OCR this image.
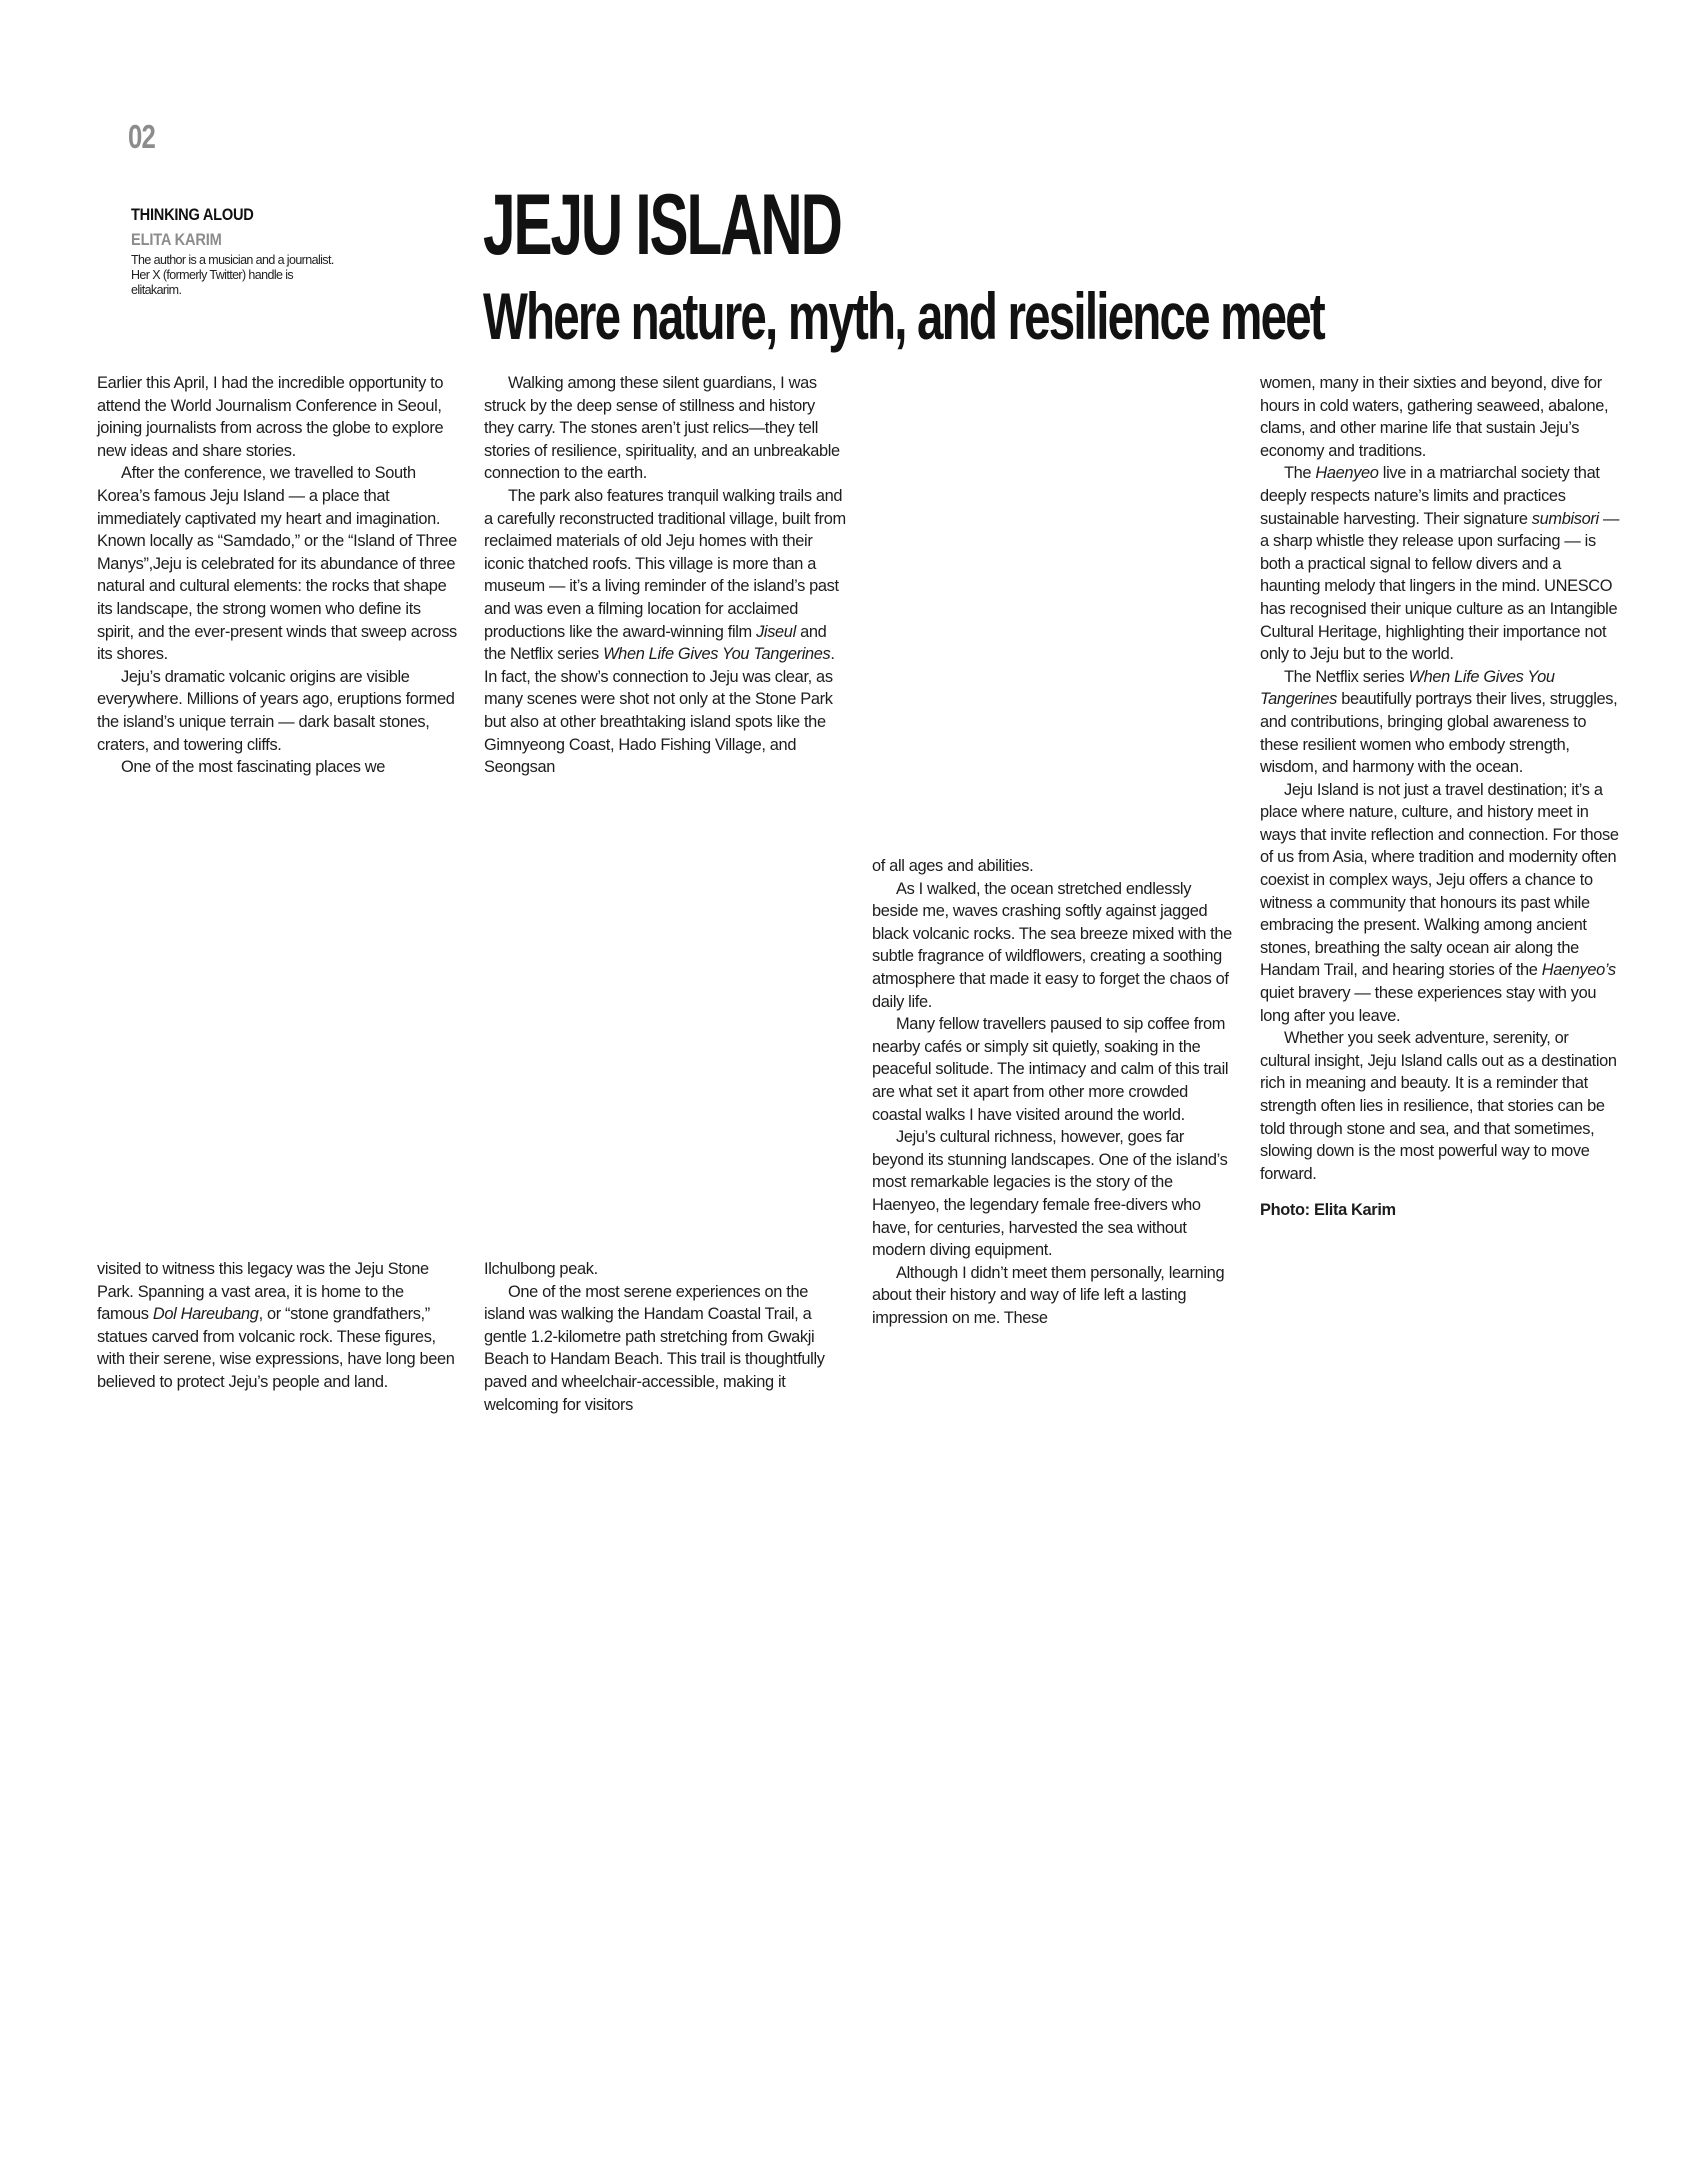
02
THINKING ALOUD
ELITA KARIM
The author is a musician and a journalist. Her X (formerly Twitter) handle is elitakarim.
JEJU ISLAND
Where nature, myth, and resilience meet

Earlier this April, I had the incredible opportunity to attend the World Journalism Conference in Seoul, joining journalists from across the globe to explore new ideas and share stories.

After the conference, we travelled to South Korea’s famous Jeju Island — a place that immediately captivated my heart and imagination. Known locally as “Samdado,” or the “Island of Three Manys”,Jeju is celebrated for its abundance of three natural and cultural elements: the rocks that shape its landscape, the strong women who define its spirit, and the ever-present winds that sweep across its shores.

Jeju’s dramatic volcanic origins are visible everywhere. Millions of years ago, eruptions formed the island’s unique terrain — dark basalt stones, craters, and towering cliffs.

One of the most fascinating places we

visited to witness this legacy was the Jeju Stone Park. Spanning a vast area, it is home to the famous Dol Hareubang, or “stone grandfathers,” statues carved from volcanic rock. These figures, with their serene, wise expressions, have long been believed to protect Jeju’s people and land.

Walking among these silent guardians, I was struck by the deep sense of stillness and history they carry. The stones aren’t just relics—they tell stories of resilience, spirituality, and an unbreakable connection to the earth.

The park also features tranquil walking trails and a carefully reconstructed traditional village, built from reclaimed materials of old Jeju homes with their iconic thatched roofs. This village is more than a museum — it’s a living reminder of the island’s past and was even a filming location for acclaimed productions like the award-winning film Jiseul and the Netflix series When Life Gives You Tangerines. In fact, the show’s connection to Jeju was clear, as many scenes were shot not only at the Stone Park but also at other breathtaking island spots like the Gimnyeong Coast, Hado Fishing Village, and Seongsan

Ilchulbong peak.

One of the most serene experiences on the island was walking the Handam Coastal Trail, a gentle 1.2-kilometre path stretching from Gwakji Beach to Handam Beach. This trail is thoughtfully paved and wheelchair-accessible, making it welcoming for visitors

of all ages and abilities.

As I walked, the ocean stretched endlessly beside me, waves crashing softly against jagged black volcanic rocks. The sea breeze mixed with the subtle fragrance of wildflowers, creating a soothing atmosphere that made it easy to forget the chaos of daily life.

Many fellow travellers paused to sip coffee from nearby cafés or simply sit quietly, soaking in the peaceful solitude. The intimacy and calm of this trail are what set it apart from other more crowded coastal walks I have visited around the world.

Jeju’s cultural richness, however, goes far beyond its stunning landscapes. One of the island’s most remarkable legacies is the story of the Haenyeo, the legendary female free-divers who have, for centuries, harvested the sea without modern diving equipment.

Although I didn’t meet them personally, learning about their history and way of life left a lasting impression on me. These

women, many in their sixties and beyond, dive for hours in cold waters, gathering seaweed, abalone, clams, and other marine life that sustain Jeju’s economy and traditions.

The Haenyeo live in a matriarchal society that deeply respects nature’s limits and practices sustainable harvesting. Their signature sumbisori — a sharp whistle they release upon surfacing — is both a practical signal to fellow divers and a haunting melody that lingers in the mind. UNESCO has recognised their unique culture as an Intangible Cultural Heritage, highlighting their importance not only to Jeju but to the world.

The Netflix series When Life Gives You Tangerines beautifully portrays their lives, struggles, and contributions, bringing global awareness to these resilient women who embody strength, wisdom, and harmony with the ocean.

Jeju Island is not just a travel destination; it’s a place where nature, culture, and history meet in ways that invite reflection and connection. For those of us from Asia, where tradition and modernity often coexist in complex ways, Jeju offers a chance to witness a community that honours its past while embracing the present. Walking among ancient stones, breathing the salty ocean air along the Handam Trail, and hearing stories of the Haenyeo’s quiet bravery — these experiences stay with you long after you leave.

Whether you seek adventure, serenity, or cultural insight, Jeju Island calls out as a destination rich in meaning and beauty. It is a reminder that strength often lies in resilience, that stories can be told through stone and sea, and that sometimes, slowing down is the most powerful way to move forward.

Photo: Elita Karim
